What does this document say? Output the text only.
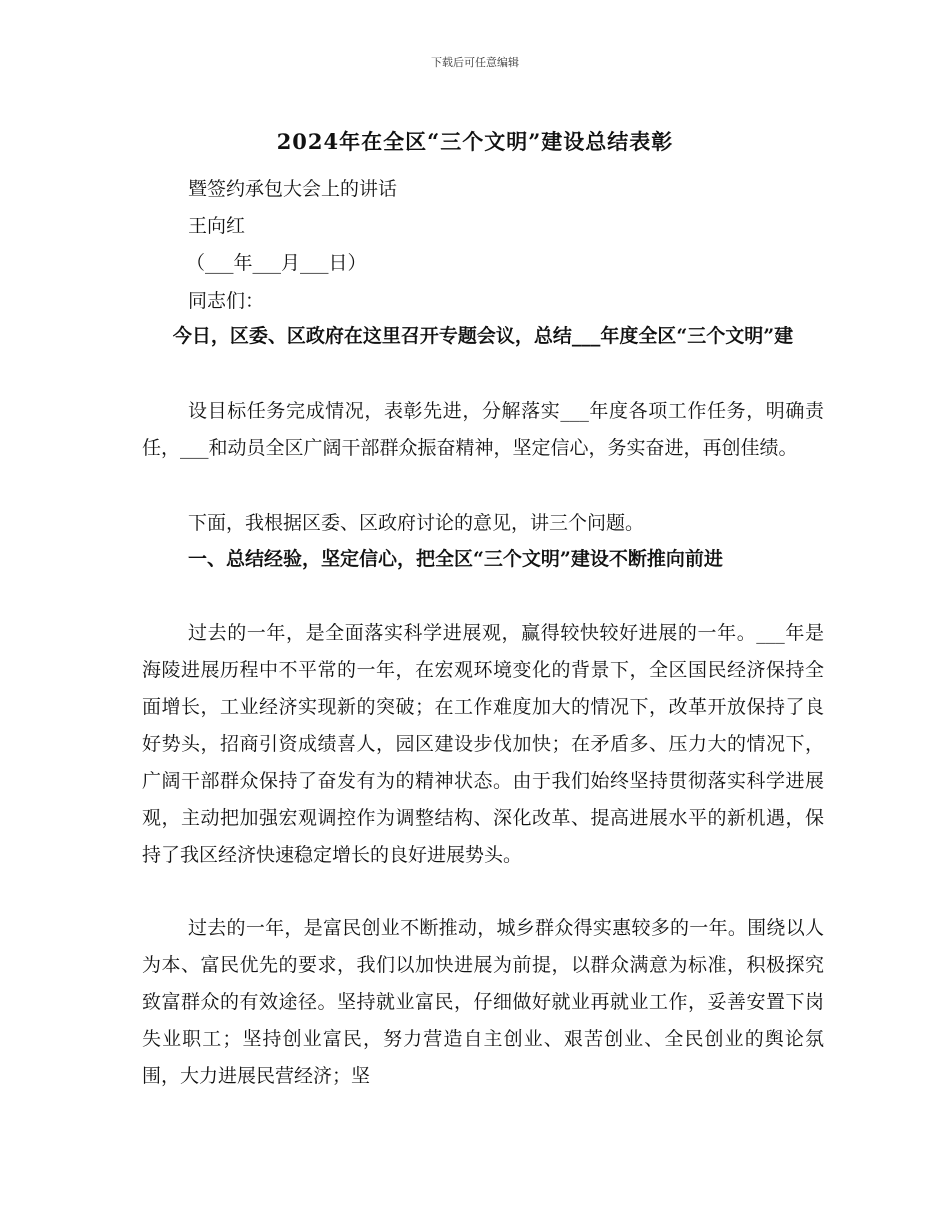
下载后可任意编辑
2024年在全区“三个文明”建设总结表彰
暨签约承包大会上的讲话
王向红
（___年___月___日）
同志们：

今日，区委、区政府在这里召开专题会议，总结___年度全区“三个文明”建

设目标任务完成情况，表彰先进，分解落实___年度各项工作任务，明确责任，___和动员全区广阔干部群众振奋精神，坚定信心，务实奋进，再创佳绩。

下面，我根据区委、区政府讨论的意见，讲三个问题。

一、总结经验，坚定信心，把全区“三个文明”建设不断推向前进

过去的一年，是全面落实科学进展观，赢得较快较好进展的一年。___年是海陵进展历程中不平常的一年，在宏观环境变化的背景下，全区国民经济保持全面增长，工业经济实现新的突破；在工作难度加大的情况下，改革开放保持了良好势头，招商引资成绩喜人，园区建设步伐加快；在矛盾多、压力大的情况下，广阔干部群众保持了奋发有为的精神状态。由于我们始终坚持贯彻落实科学进展观，主动把加强宏观调控作为调整结构、深化改革、提高进展水平的新机遇，保持了我区经济快速稳定增长的良好进展势头。

过去的一年，是富民创业不断推动，城乡群众得实惠较多的一年。围绕以人为本、富民优先的要求，我们以加快进展为前提，以群众满意为标准，积极探究致富群众的有效途径。坚持就业富民，仔细做好就业再就业工作，妥善安置下岗失业职工；坚持创业富民，努力营造自主创业、艰苦创业、全民创业的舆论氛围，大力进展民营经济；坚
